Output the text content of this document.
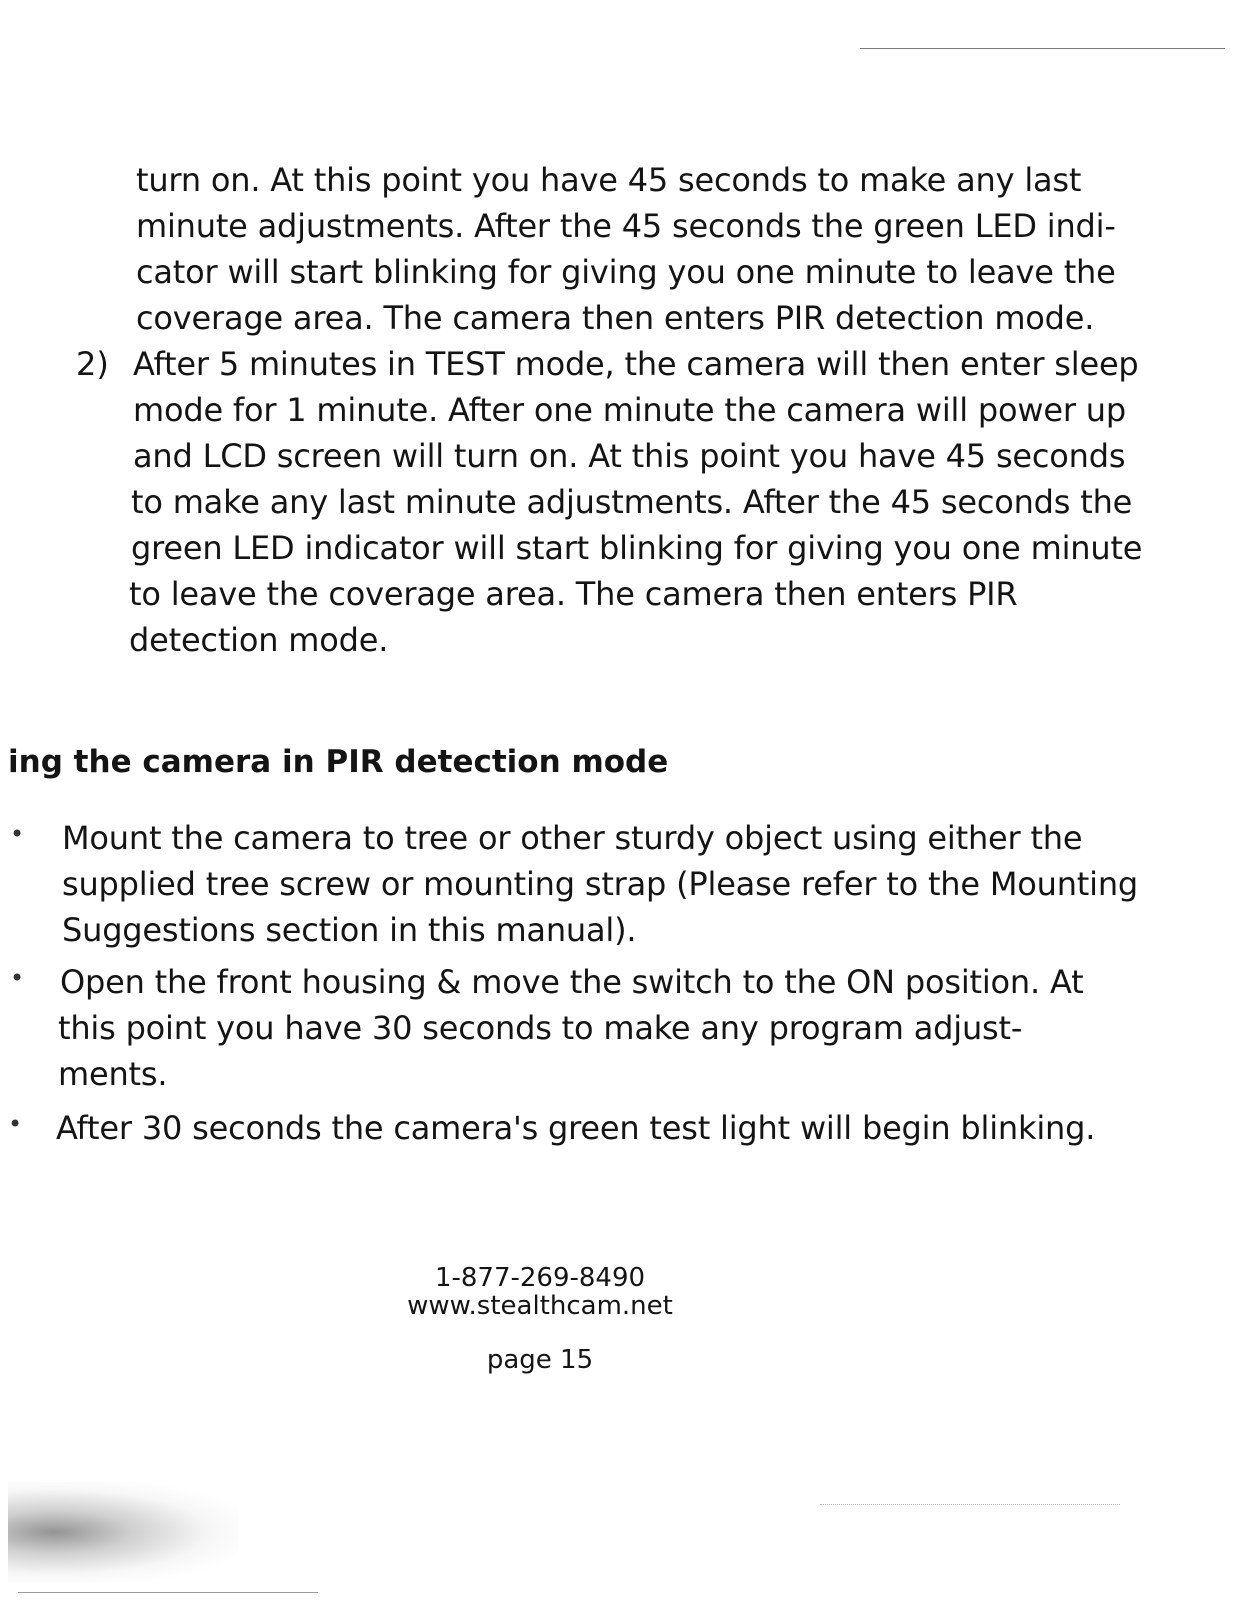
turn on. At this point you have 45 seconds to make any last
minute adjustments. After the 45 seconds the green LED indi-
cator will start blinking for giving you one minute to leave the
coverage area. The camera then enters PIR detection mode.
2) After 5 minutes in TEST mode, the camera will then enter sleep
mode for 1 minute. After one minute the camera will power up
and LCD screen will turn on. At this point you have 45 seconds
to make any last minute adjustments. After the 45 seconds the
green LED indicator will start blinking for giving you one minute
to leave the coverage area. The camera then enters PIR
detection mode.
ing the camera in PIR detection mode
• Mount the camera to tree or other sturdy object using either the
supplied tree screw or mounting strap (Please refer to the Mounting
Suggestions section in this manual).
• Open the front housing & move the switch to the ON position. At
this point you have 30 seconds to make any program adjust-
ments.
• After 30 seconds the camera's green test light will begin blinking.
1-877-269-8490
www.stealthcam.net
page 15
